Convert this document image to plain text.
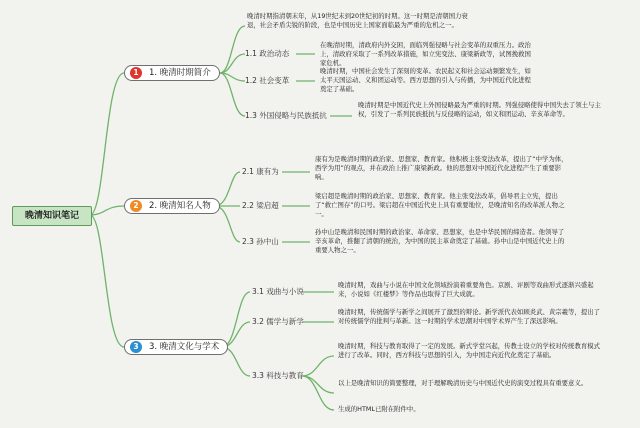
晚清知识笔记
晚清时期指清朝末年，从19世纪末到20世纪初的时期。这一时期是清朝国力衰退，社会矛盾尖锐的阶段，也是中国历史上国家面临最为严重的危机之一。
1	1. 晚清时期简介
1.1 政治动态
在晚清时期，清政府内外交困，面临列强侵略与社会变革的双重压力。政治上，清政府采取了一系列改革措施，如立宪变法、康梁新政等，试图挽救国家危机。
1.2 社会变革
晚清时期，中国社会发生了深刻的变革。农民起义和社会运动频繁发生，如太平天国运动、义和团运动等。西方思想的引入与传播，为中国近代化进程奠定了基础。
1.3 外国侵略与民族抵抗
晚清时期是中国近代史上外国侵略最为严重的时期。列强侵略使得中国失去了领土与主权，引发了一系列民族抵抗与反侵略的运动，如义和团运动、辛亥革命等。
2	2. 晚清知名人物
2.1 康有为
康有为是晚清时期的政治家、思想家、教育家。他积极主张变法改革，提出了“中学为体，西学为用”的观点，并在政治上推广康梁新政。他的思想对中国近代化进程产生了重要影响。
2.2 梁启超
梁启超是晚清时期的政治家、思想家、教育家。他主张变法改革，倡导君主立宪，提出了“救亡图存”的口号。梁启超在中国近代史上具有重要地位，是晚清知名的改革派人物之一。
2.3 孙中山
孙中山是晚清和民国时期的政治家、革命家、思想家，也是中华民国的缔造者。他领导了辛亥革命，推翻了清朝的统治，为中国的民主革命奠定了基础。孙中山是中国近代史上的重要人物之一。
3	3. 晚清文化与学术
3.1 戏曲与小说
晚清时期，戏曲与小说在中国文化领域扮演着重要角色。京剧、评剧等戏曲形式逐渐兴盛起来，小说如《红楼梦》等作品也取得了巨大成就。
3.2 儒学与新学
晚清时期，传统儒学与新学之间展开了激烈的辩论。新学派代表如顾炎武、黄宗羲等，提出了对传统儒学的批判与革新。这一时期的学术思潮对中国学术界产生了深远影响。
3.3 科技与教育
晚清时期，科技与教育取得了一定的发展。新式学堂兴起，传教士设立的学校对传统教育模式进行了改革。同时，西方科技与思想的引入，为中国走向近代化奠定了基础。
以上是晚清知识的简要整理，对于理解晚清历史与中国近代史的演变过程具有重要意义。
生成的HTML已附在附件中。
